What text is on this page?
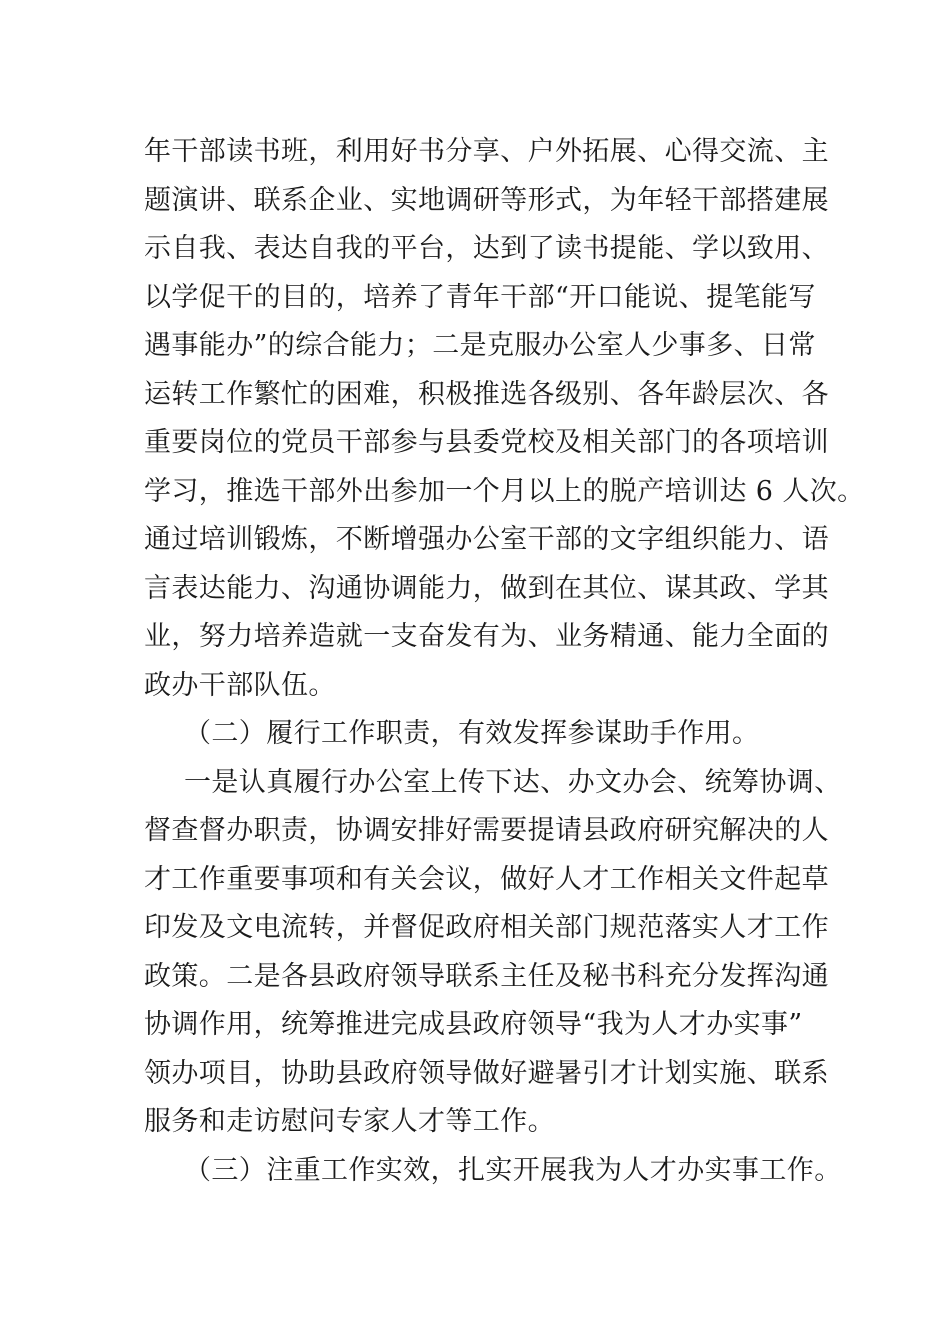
年干部读书班，利用好书分享、户外拓展、心得交流、主
题演讲、联系企业、实地调研等形式，为年轻干部搭建展
示自我、表达自我的平台，达到了读书提能、学以致用、
以学促干的目的，培养了青年干部“开口能说、提笔能写
遇事能办”的综合能力；二是克服办公室人少事多、日常
运转工作繁忙的困难，积极推选各级别、各年龄层次、各
重要岗位的党员干部参与县委党校及相关部门的各项培训
学习，推选干部外出参加一个月以上的脱产培训达 6 人次。
通过培训锻炼，不断增强办公室干部的文字组织能力、语
言表达能力、沟通协调能力，做到在其位、谋其政、学其
业，努力培养造就一支奋发有为、业务精通、能力全面的
政办干部队伍。
（二）履行工作职责，有效发挥参谋助手作用。
一是认真履行办公室上传下达、办文办会、统筹协调、
督查督办职责，协调安排好需要提请县政府研究解决的人
才工作重要事项和有关会议，做好人才工作相关文件起草
印发及文电流转，并督促政府相关部门规范落实人才工作
政策。二是各县政府领导联系主任及秘书科充分发挥沟通
协调作用，统筹推进完成县政府领导“我为人才办实事”
领办项目，协助县政府领导做好避暑引才计划实施、联系
服务和走访慰问专家人才等工作。
（三）注重工作实效，扎实开展我为人才办实事工作。
